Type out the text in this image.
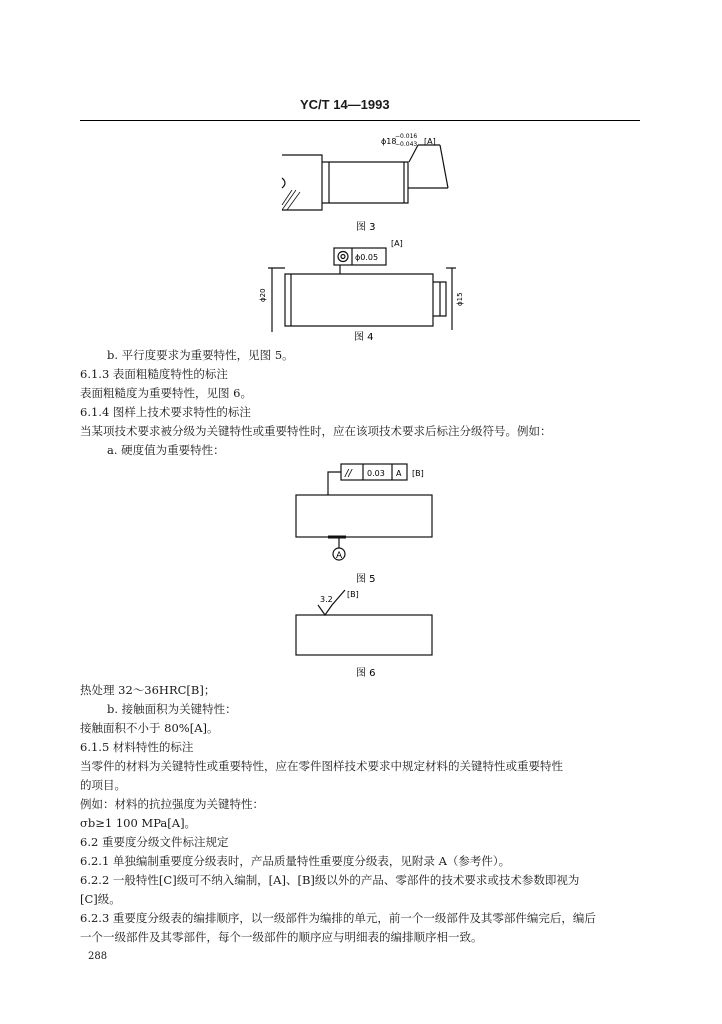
YC/T 14—1993
ϕ18
−0.016
−0.043 [A]
图 3
[A]
ϕ0.05
ϕ20	ϕ15
图 4
b. 平行度要求为重要特性，见图 5。
6.1.3 表面粗糙度特性的标注
表面粗糙度为重要特性，见图 6。
6.1.4 图样上技术要求特性的标注
当某项技术要求被分级为关键特性或重要特性时，应在该项技术要求后标注分级符号。例如：
a. 硬度值为重要特性：
// 0.03 A [B]
A
图 5
3.2
[B]
图 6
热处理 32～36HRC[B]；
b. 接触面积为关键特性：
接触面积不小于 80%[A]。
6.1.5 材料特性的标注
当零件的材料为关键特性或重要特性，应在零件图样技术要求中规定材料的关键特性或重要特性
的项目。
例如：材料的抗拉强度为关键特性：
σb≥1 100 MPa[A]。
6.2 重要度分级文件标注规定
6.2.1 单独编制重要度分级表时，产品质量特性重要度分级表，见附录 A（参考件）。
6.2.2 一般特性[C]级可不纳入编制，[A]、[B]级以外的产品、零部件的技术要求或技术参数即视为
[C]级。
6.2.3 重要度分级表的编排顺序，以一级部件为编排的单元，前一个一级部件及其零部件编完后，编后
一个一级部件及其零部件，每个一级部件的顺序应与明细表的编排顺序相一致。
288
